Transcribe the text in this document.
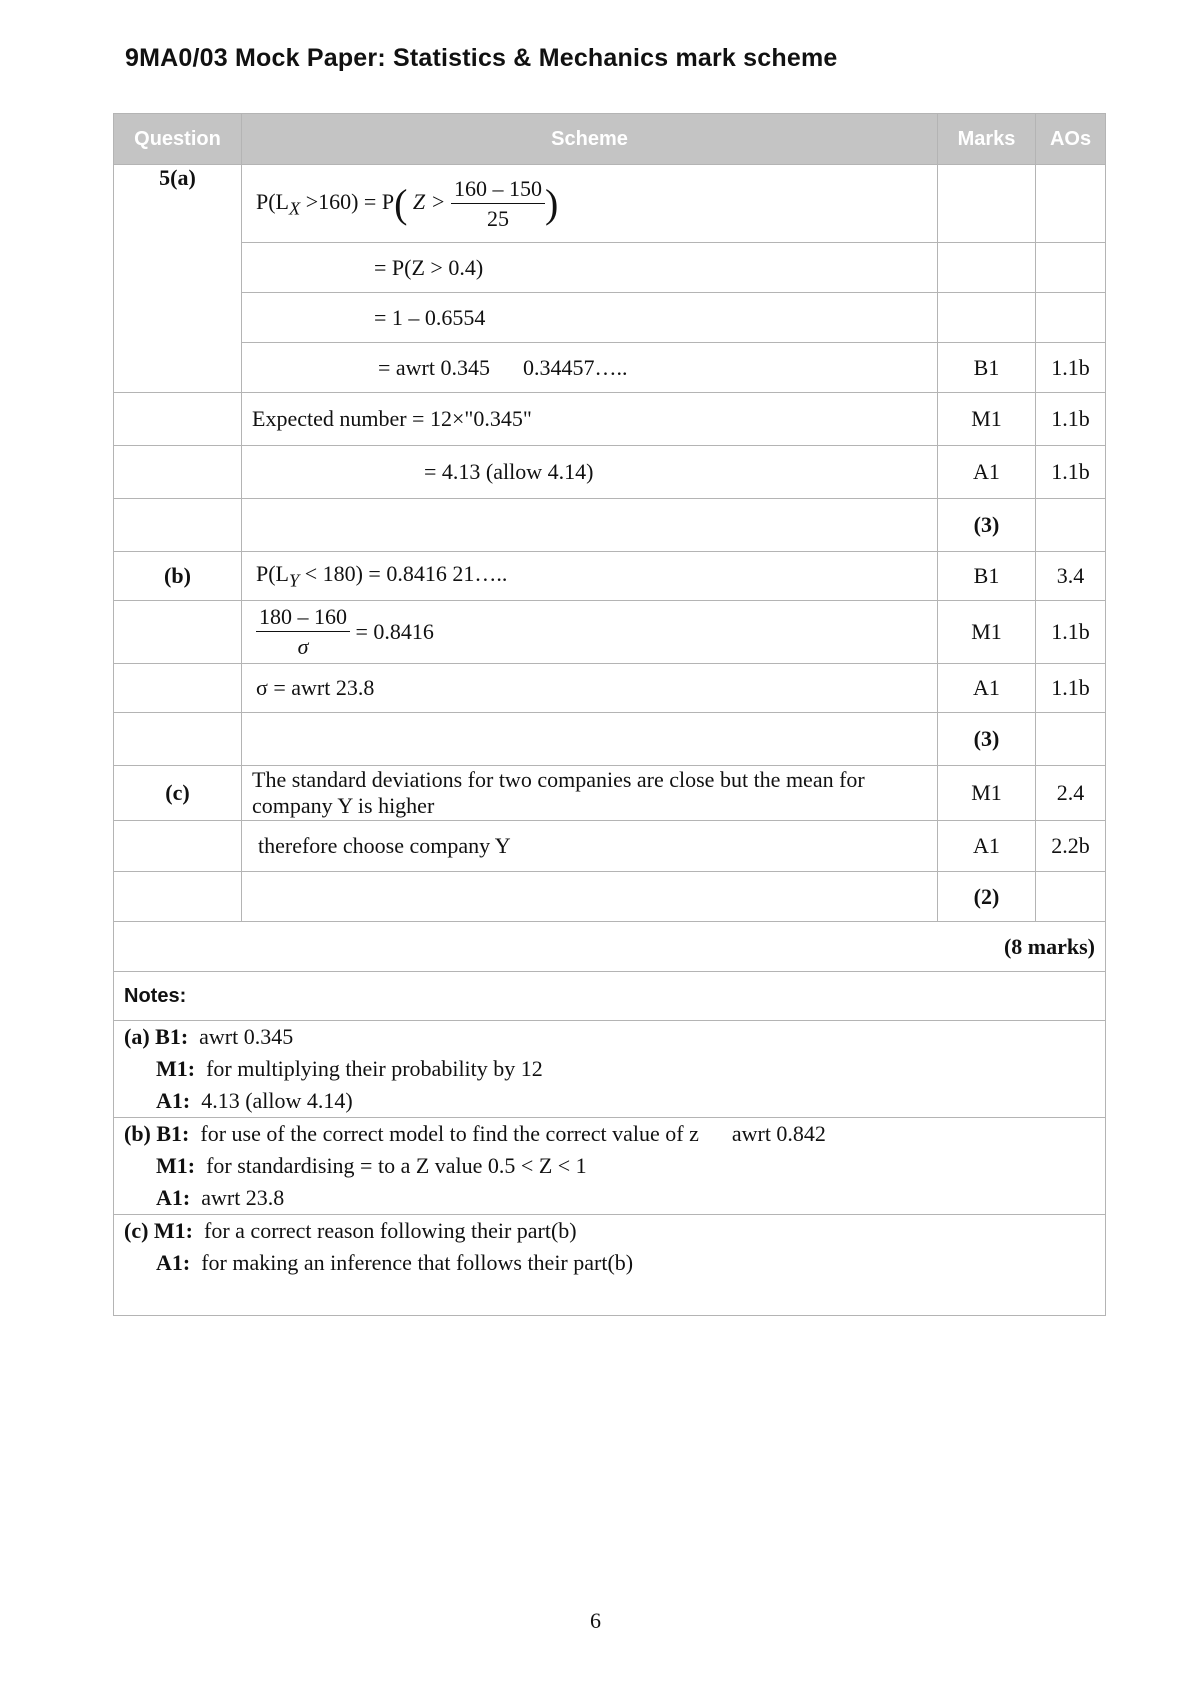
9MA0/03 Mock Paper: Statistics & Mechanics mark scheme
Question	Scheme	Marks	AOs
5(a)	$P(L_X >160) = P$( $Z > \frac{160 - 150}{25}$ )		
	= P(Z > 0.4)		
	= 1 – 0.6554		
	= awrt 0.345      0.34457…..	B1	1.1b
	Expected number = 12×"0.345"	M1	1.1b
	= 4.13 (allow 4.14)	A1	1.1b
		(3)	
(b)	$P(L_Y < 180) = 0.8416$ 21…..	B1	3.4

	$\frac{180 - 160}{\sigma} = 0.8416$	M1	1.1b
	σ = awrt 23.8	A1	1.1b
		(3)	
(c)	The standard deviations for two companies are close but the mean for company Y is higher	M1	2.4
	therefore choose company Y	A1	2.2b
		(2)	
(8 marks)			
Notes:			

(a) B1: awrt 0.345
M1: for multiplying their probability by 12
A1: 4.13 (allow 4.14)			

(b) B1: for use of the correct model to find the correct value of z      awrt 0.842
M1: for standardising = to a Z value 0.5 < Z < 1
A1: awrt 23.8			

(c) M1: for a correct reason following their part(b)
A1: for making an inference that follows their part(b)			
6
